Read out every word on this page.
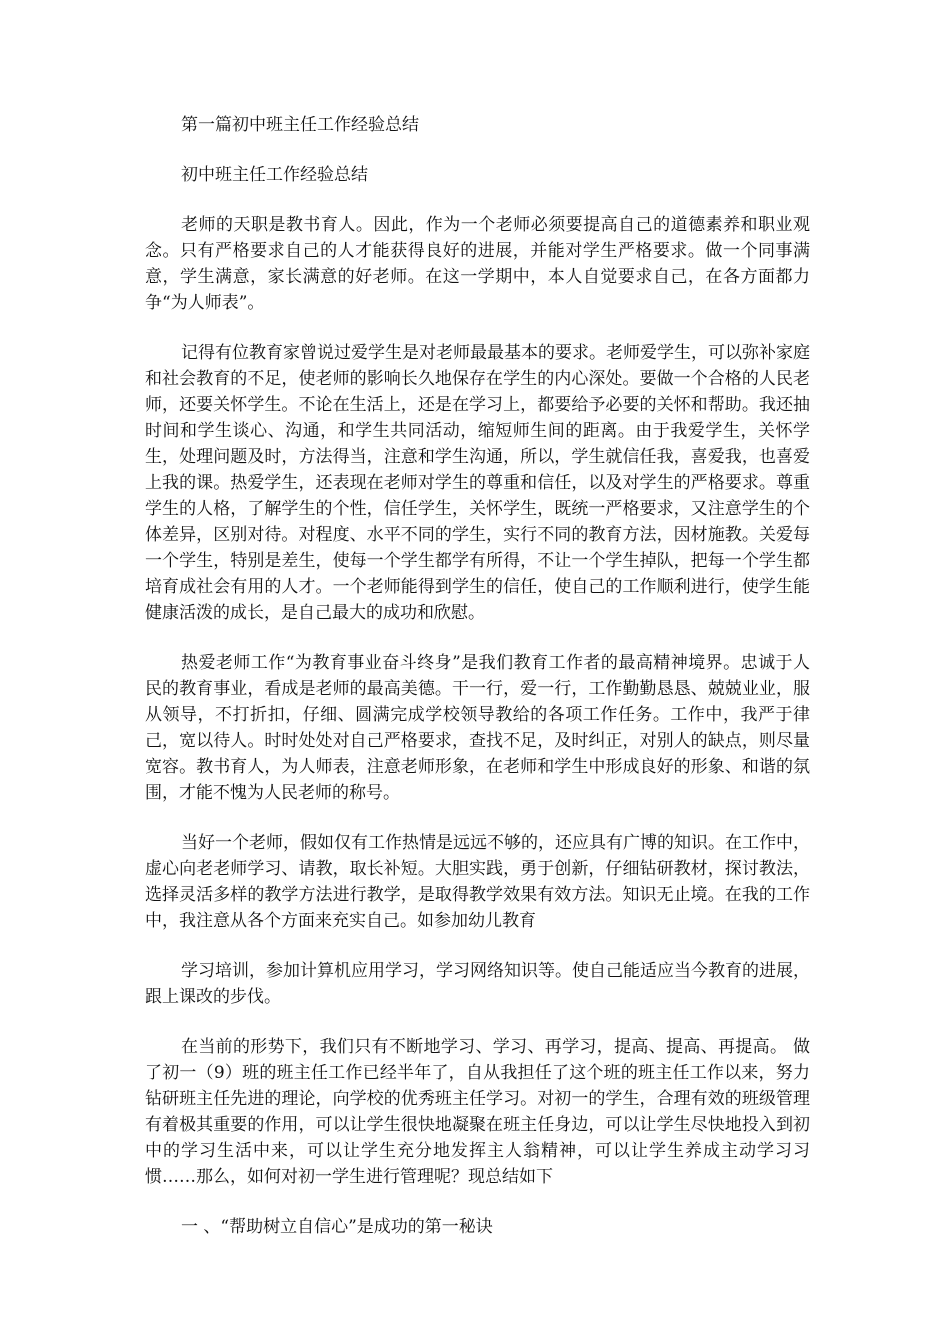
第一篇初中班主任工作经验总结

初中班主任工作经验总结

老师的天职是教书育人。因此，作为一个老师必须要提高自己的道德素养和职业观念。只有严格要求自己的人才能获得良好的进展，并能对学生严格要求。做一个同事满意，学生满意，家长满意的好老师。在这一学期中，本人自觉要求自己，在各方面都力争“为人师表”。

记得有位教育家曾说过爱学生是对老师最最基本的要求。老师爱学生，可以弥补家庭和社会教育的不足，使老师的影响长久地保存在学生的内心深处。要做一个合格的人民老师，还要关怀学生。不论在生活上，还是在学习上，都要给予必要的关怀和帮助。我还抽时间和学生谈心、沟通，和学生共同活动，缩短师生间的距离。由于我爱学生，关怀学生，处理问题及时，方法得当，注意和学生沟通，所以，学生就信任我，喜爱我，也喜爱上我的课。热爱学生，还表现在老师对学生的尊重和信任，以及对学生的严格要求。尊重学生的人格，了解学生的个性，信任学生，关怀学生，既统一严格要求，又注意学生的个体差异，区别对待。对程度、水平不同的学生，实行不同的教育方法，因材施教。关爱每一个学生，特别是差生，使每一个学生都学有所得，不让一个学生掉队，把每一个学生都培育成社会有用的人才。一个老师能得到学生的信任，使自己的工作顺利进行，使学生能健康活泼的成长，是自己最大的成功和欣慰。

热爱老师工作“为教育事业奋斗终身”是我们教育工作者的最高精神境界。忠诚于人民的教育事业，看成是老师的最高美德。干一行，爱一行，工作勤勤恳恳、兢兢业业，服从领导，不打折扣，仔细、圆满完成学校领导教给的各项工作任务。工作中，我严于律己，宽以待人。时时处处对自己严格要求，查找不足，及时纠正，对别人的缺点，则尽量宽容。教书育人，为人师表，注意老师形象，在老师和学生中形成良好的形象、和谐的氛围，才能不愧为人民老师的称号。

当好一个老师，假如仅有工作热情是远远不够的，还应具有广博的知识。在工作中，虚心向老老师学习、请教，取长补短。大胆实践，勇于创新，仔细钻研教材，探讨教法，选择灵活多样的教学方法进行教学，是取得教学效果有效方法。知识无止境。在我的工作中，我注意从各个方面来充实自己。如参加幼儿教育

学习培训，参加计算机应用学习，学习网络知识等。使自己能适应当今教育的进展，跟上课改的步伐。

在当前的形势下，我们只有不断地学习、学习、再学习，提高、提高、再提高。 做了初一（9）班的班主任工作已经半年了，自从我担任了这个班的班主任工作以来，努力钻研班主任先进的理论，向学校的优秀班主任学习。对初一的学生，合理有效的班级管理有着极其重要的作用，可以让学生很快地凝聚在班主任身边，可以让学生尽快地投入到初中的学习生活中来，可以让学生充分地发挥主人翁精神，可以让学生养成主动学习习惯……那么，如何对初一学生进行管理呢？现总结如下

一 、“帮助树立自信心”是成功的第一秘诀
